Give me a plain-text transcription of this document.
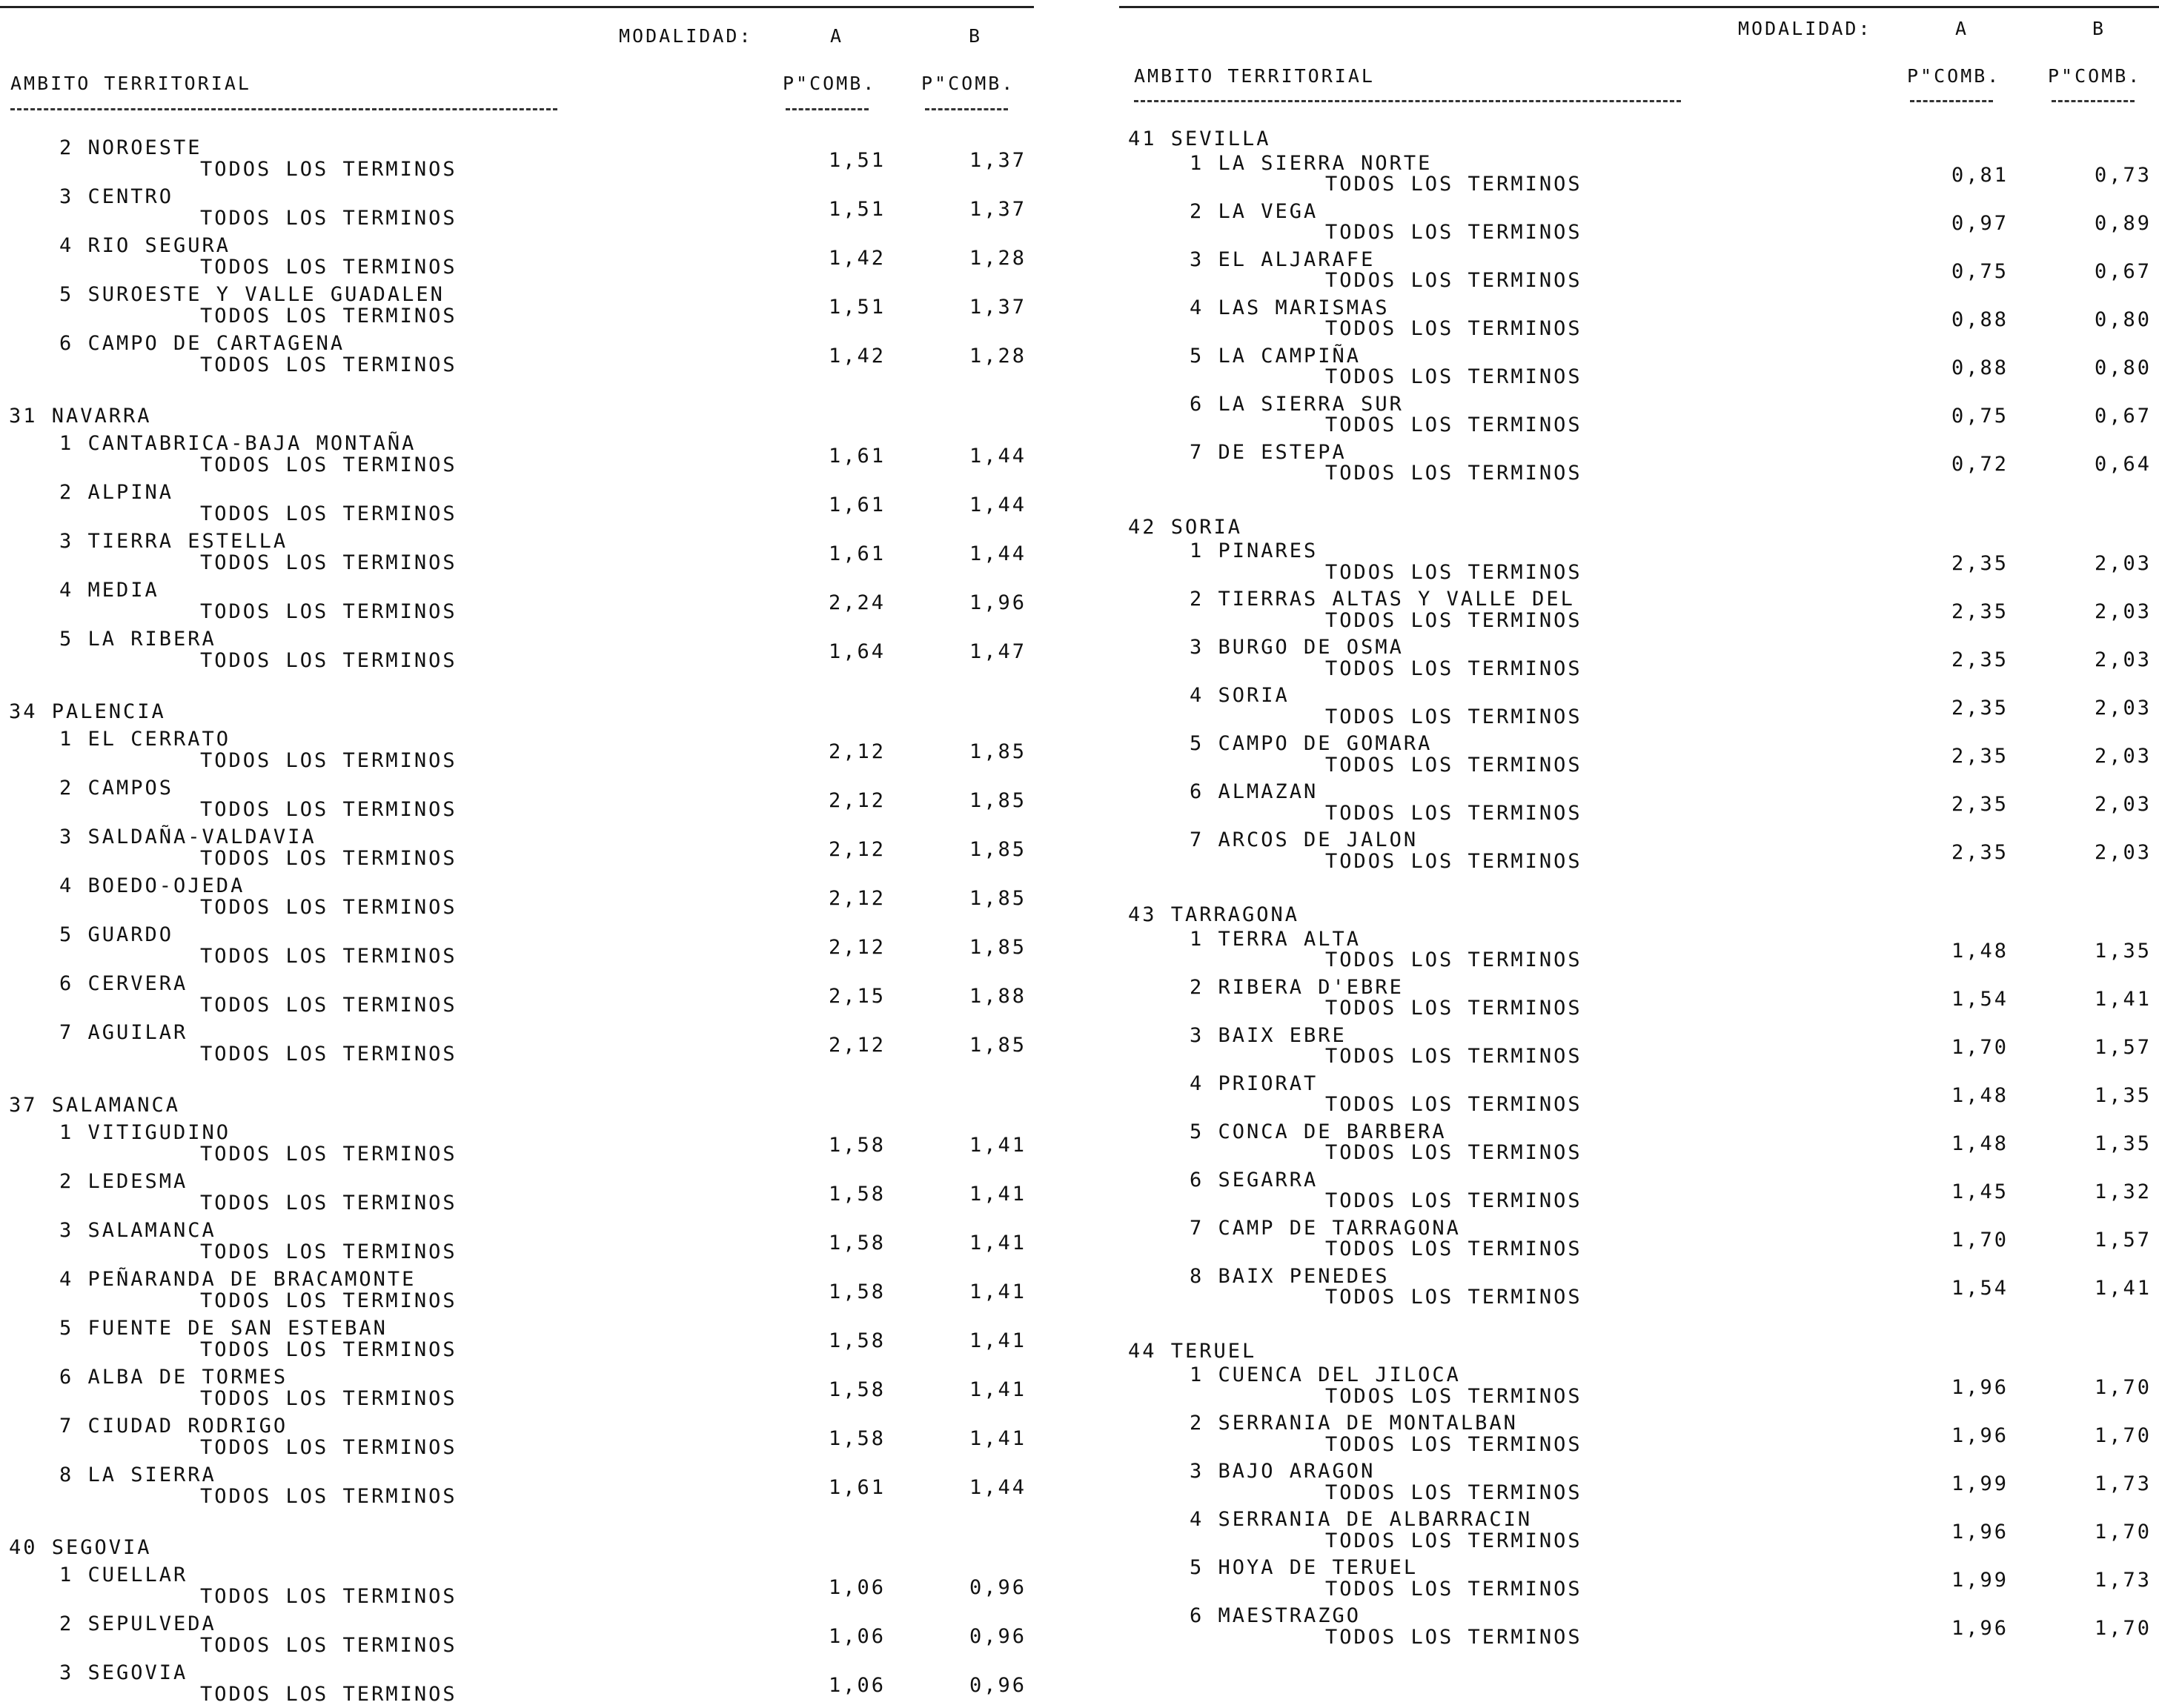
MODALIDAD:	A	B
AMBITO TERRITORIAL	P"COMB. P"COMB.
2 NOROESTE
TODOS LOS TERMINOS	1,51	1,37
3 CENTRO
TODOS LOS TERMINOS	1,51	1,37
4 RIO SEGURA
TODOS LOS TERMINOS	1,42	1,28
5 SUROESTE Y VALLE GUADALEN
TODOS LOS TERMINOS	1,51	1,37
6 CAMPO DE CARTAGENA
TODOS LOS TERMINOS	1,42	1,28
31 NAVARRA
1 CANTABRICA-BAJA MONTAÑA
TODOS LOS TERMINOS	1,61	1,44
2 ALPINA
TODOS LOS TERMINOS	1,61	1,44
3 TIERRA ESTELLA
TODOS LOS TERMINOS	1,61	1,44
4 MEDIA
TODOS LOS TERMINOS	2,24	1,96
5 LA RIBERA
TODOS LOS TERMINOS	1,64	1,47
34 PALENCIA
1 EL CERRATO
TODOS LOS TERMINOS	2,12	1,85
2 CAMPOS
TODOS LOS TERMINOS	2,12	1,85
3 SALDAÑA-VALDAVIA
TODOS LOS TERMINOS	2,12	1,85
4 BOEDO-OJEDA
TODOS LOS TERMINOS	2,12	1,85
5 GUARDO
TODOS LOS TERMINOS	2,12	1,85
6 CERVERA
TODOS LOS TERMINOS	2,15	1,88
7 AGUILAR
TODOS LOS TERMINOS	2,12	1,85
37 SALAMANCA
1 VITIGUDINO
TODOS LOS TERMINOS	1,58	1,41
2 LEDESMA
TODOS LOS TERMINOS	1,58	1,41
3 SALAMANCA
TODOS LOS TERMINOS	1,58	1,41
4 PEÑARANDA DE BRACAMONTE
TODOS LOS TERMINOS	1,58	1,41
5 FUENTE DE SAN ESTEBAN
TODOS LOS TERMINOS	1,58	1,41
6 ALBA DE TORMES
TODOS LOS TERMINOS	1,58	1,41
7 CIUDAD RODRIGO
TODOS LOS TERMINOS	1,58	1,41
8 LA SIERRA
TODOS LOS TERMINOS	1,61	1,44
40 SEGOVIA
1 CUELLAR
TODOS LOS TERMINOS	1,06	0,96
2 SEPULVEDA
TODOS LOS TERMINOS	1,06	0,96
3 SEGOVIA
TODOS LOS TERMINOS	1,06	0,96
MODALIDAD:	A	B
AMBITO TERRITORIAL	P"COMB.	P"COMB.
41 SEVILLA
1 LA SIERRA NORTE
TODOS LOS TERMINOS	0,81	0,73
2 LA VEGA
TODOS LOS TERMINOS	0,97	0,89
3 EL ALJARAFE
TODOS LOS TERMINOS	0,75	0,67
4 LAS MARISMAS
TODOS LOS TERMINOS	0,88	0,80
5 LA CAMPIÑA
TODOS LOS TERMINOS	0,88	0,80
6 LA SIERRA SUR
TODOS LOS TERMINOS	0,75	0,67
7 DE ESTEPA
TODOS LOS TERMINOS	0,72	0,64
42 SORIA
1 PINARES
TODOS LOS TERMINOS	2,35	2,03
2 TIERRAS ALTAS Y VALLE DEL
TODOS LOS TERMINOS	2,35	2,03
3 BURGO DE OSMA
TODOS LOS TERMINOS	2,35	2,03
4 SORIA
TODOS LOS TERMINOS	2,35	2,03
5 CAMPO DE GOMARA
TODOS LOS TERMINOS	2,35	2,03
6 ALMAZAN
TODOS LOS TERMINOS	2,35	2,03
7 ARCOS DE JALON
TODOS LOS TERMINOS	2,35	2,03
43 TARRAGONA
1 TERRA ALTA
TODOS LOS TERMINOS	1,48	1,35
2 RIBERA D'EBRE
TODOS LOS TERMINOS	1,54	1,41
3 BAIX EBRE
TODOS LOS TERMINOS	1,70	1,57
4 PRIORAT
TODOS LOS TERMINOS	1,48	1,35
5 CONCA DE BARBERA
TODOS LOS TERMINOS	1,48	1,35
6 SEGARRA
TODOS LOS TERMINOS	1,45	1,32
7 CAMP DE TARRAGONA
TODOS LOS TERMINOS	1,70	1,57
8 BAIX PENEDES
TODOS LOS TERMINOS	1,54	1,41
44 TERUEL
1 CUENCA DEL JILOCA
TODOS LOS TERMINOS	1,96	1,70
2 SERRANIA DE MONTALBAN
TODOS LOS TERMINOS	1,96	1,70
3 BAJO ARAGON
TODOS LOS TERMINOS	1,99	1,73
4 SERRANIA DE ALBARRACIN
TODOS LOS TERMINOS	1,96	1,70
5 HOYA DE TERUEL
TODOS LOS TERMINOS	1,99	1,73
6 MAESTRAZGO
TODOS LOS TERMINOS	1,96	1,70
